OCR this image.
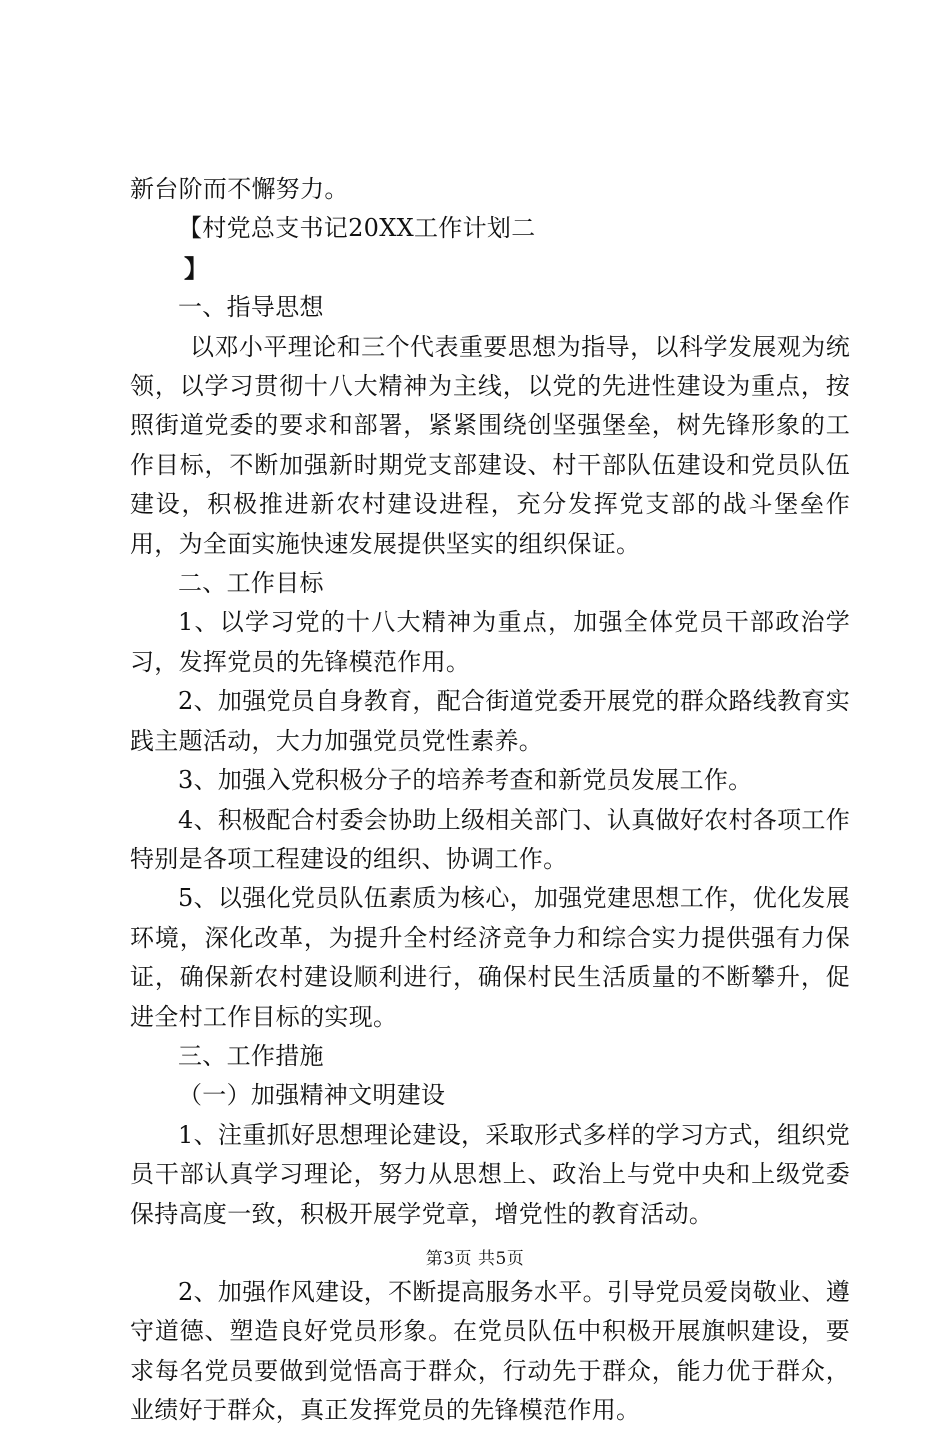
新台阶而不懈努力。

【村党总支书记20XX工作计划二

】

一、指导思想

以邓小平理论和三个代表重要思想为指导，以科学发展观为统领，以学习贯彻十八大精神为主线，以党的先进性建设为重点，按照街道党委的要求和部署，紧紧围绕创坚强堡垒，树先锋形象的工作目标，不断加强新时期党支部建设、村干部队伍建设和党员队伍建设，积极推进新农村建设进程，充分发挥党支部的战斗堡垒作用，为全面实施快速发展提供坚实的组织保证。

二、工作目标

1、以学习党的十八大精神为重点，加强全体党员干部政治学习，发挥党员的先锋模范作用。

2、加强党员自身教育，配合街道党委开展党的群众路线教育实践主题活动，大力加强党员党性素养。

3、加强入党积极分子的培养考查和新党员发展工作。

4、积极配合村委会协助上级相关部门、认真做好农村各项工作特别是各项工程建设的组织、协调工作。

5、以强化党员队伍素质为核心，加强党建思想工作，优化发展环境，深化改革，为提升全村经济竞争力和综合实力提供强有力保证，确保新农村建设顺利进行，确保村民生活质量的不断攀升，促进全村工作目标的实现。

三、工作措施

（一）加强精神文明建设

1、注重抓好思想理论建设，采取形式多样的学习方式，组织党员干部认真学习理论，努力从思想上、政治上与党中央和上级党委保持高度一致，积极开展学党章，增党性的教育活动。

2、加强作风建设，不断提高服务水平。引导党员爱岗敬业、遵守道德、塑造良好党员形象。在党员队伍中积极开展旗帜建设，要求每名党员要做到觉悟高于群众，行动先于群众，能力优于群众，业绩好于群众，真正发挥党员的先锋模范作用。

第3页 共5页
